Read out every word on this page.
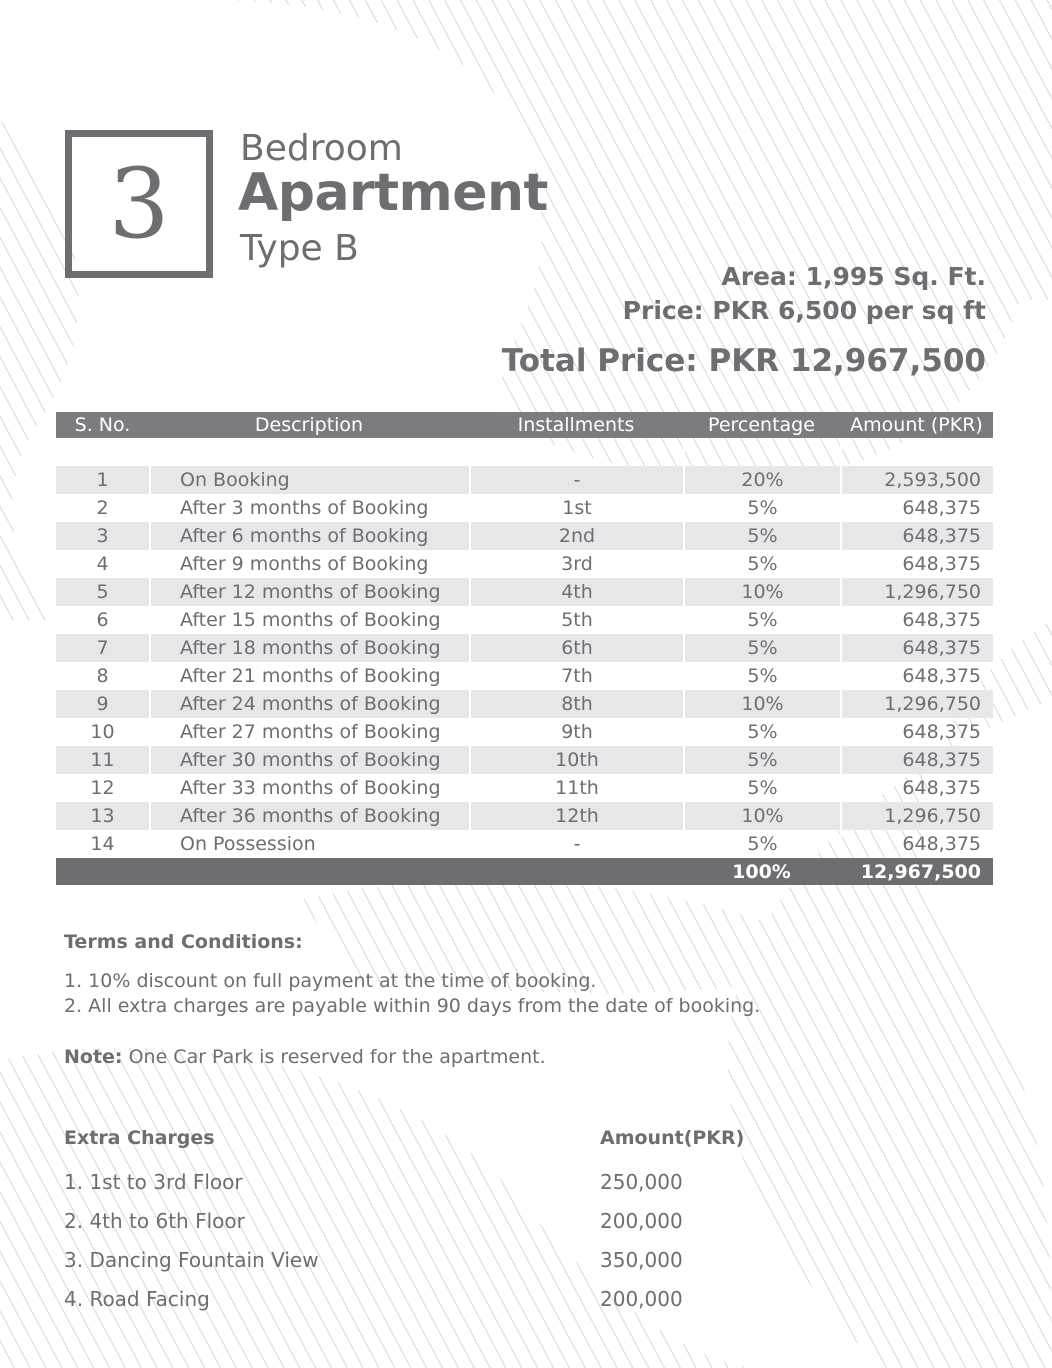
3 Bedroom
Apartment
Type B
Area: 1,995 Sq. Ft.
Price: PKR 6,500 per sq ft
Total Price: PKR 12,967,500
S. No.	Description	Installments	Percentage	Amount (PKR)
1	On Booking	-	20%	2,593,500
2	After 3 months of Booking	1st	5%	648,375
3	After 6 months of Booking	2nd	5%	648,375
4	After 9 months of Booking	3rd	5%	648,375
5	After 12 months of Booking	4th	10%	1,296,750
6	After 15 months of Booking	5th	5%	648,375
7	After 18 months of Booking	6th	5%	648,375
8	After 21 months of Booking	7th	5%	648,375
9	After 24 months of Booking	8th	10%	1,296,750
10	After 27 months of Booking	9th	5%	648,375
11	After 30 months of Booking	10th	5%	648,375
12	After 33 months of Booking	11th	5%	648,375
13	After 36 months of Booking	12th	10%	1,296,750
14	On Possession	-	5%	648,375
100%	12,967,500
Terms and Conditions:
1. 10% discount on full payment at the time of booking.
2. All extra charges are payable within 90 days from the date of booking.
Note: One Car Park is reserved for the apartment.
Extra Charges	Amount(PKR)
1. 1st to 3rd Floor	250,000
2. 4th to 6th Floor	200,000
3. Dancing Fountain View	350,000
4. Road Facing	200,000
